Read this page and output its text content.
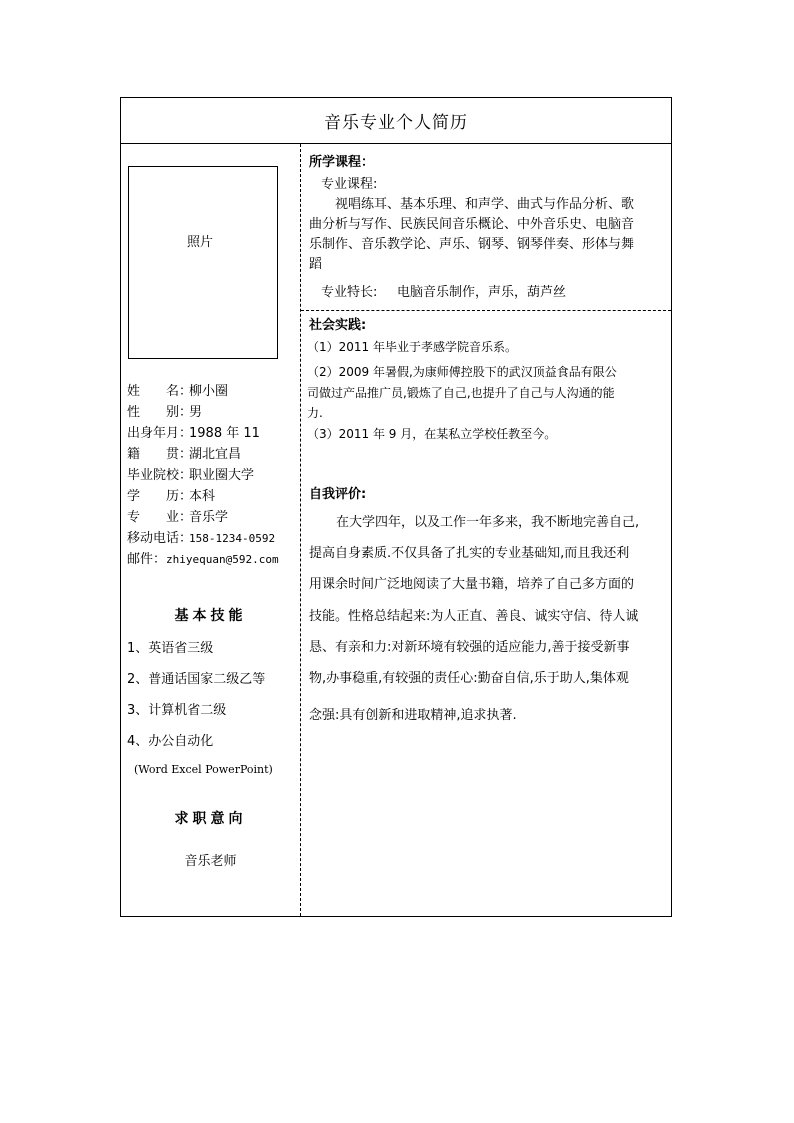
音乐专业个人简历
照片
姓　　名：柳小圈
性　　别：男
出身年月：1988 年 11
籍　　贯：湖北宜昌
毕业院校：职业圈大学
学　　历：本科
专　　业：音乐学
移动电话：158-1234-0592
邮件：zhiyequan@592.com
基本技能
1、英语省三级
2、普通话国家二级乙等
3、计算机省二级
4、办公自动化
(Word Excel PowerPoint)
求职意向
音乐老师
所学课程：
专业课程:
视唱练耳、基本乐理、和声学、曲式与作品分析、歌
曲分析与写作、民族民间音乐概论、中外音乐史、电脑音
乐制作、音乐教学论、声乐、钢琴、钢琴伴奏、形体与舞
蹈
专业特长: 电脑音乐制作，声乐，葫芦丝
社会实践:
（1）2011 年毕业于孝感学院音乐系。
（2）2009 年暑假,为康师傅控股下的武汉顶益食品有限公
司做过产品推广员,锻炼了自己,也提升了自己与人沟通的能
力.
（3）2011 年 9 月，在某私立学校任教至今。
自我评价:
在大学四年，以及工作一年多来，我不断地完善自己,
提高自身素质.不仅具备了扎实的专业基础知,而且我还利
用课余时间广泛地阅读了大量书籍，培养了自己多方面的
技能。性格总结起来:为人正直、善良、诚实守信、待人诚
恳、有亲和力:对新环境有较强的适应能力,善于接受新事
物,办事稳重,有较强的责任心:勤奋自信,乐于助人,集体观
念强:具有创新和进取精神,追求执著.
